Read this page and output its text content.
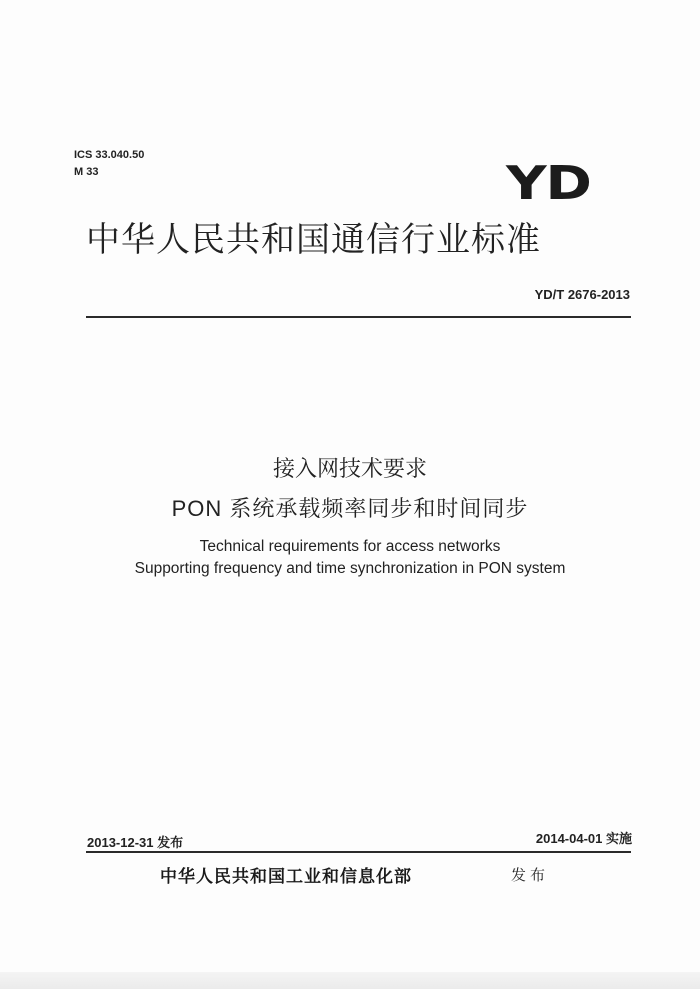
ICS 33.040.50
M 33	YD
中华人民共和国通信行业标准
YD/T 2676-2013
接入网技术要求
PON 系统承载频率同步和时间同步
Technical requirements for access networks
Supporting frequency and time synchronization in PON system
2013-12-31 发布	2014-04-01 实施
中华人民共和国工业和信息化部	发布
